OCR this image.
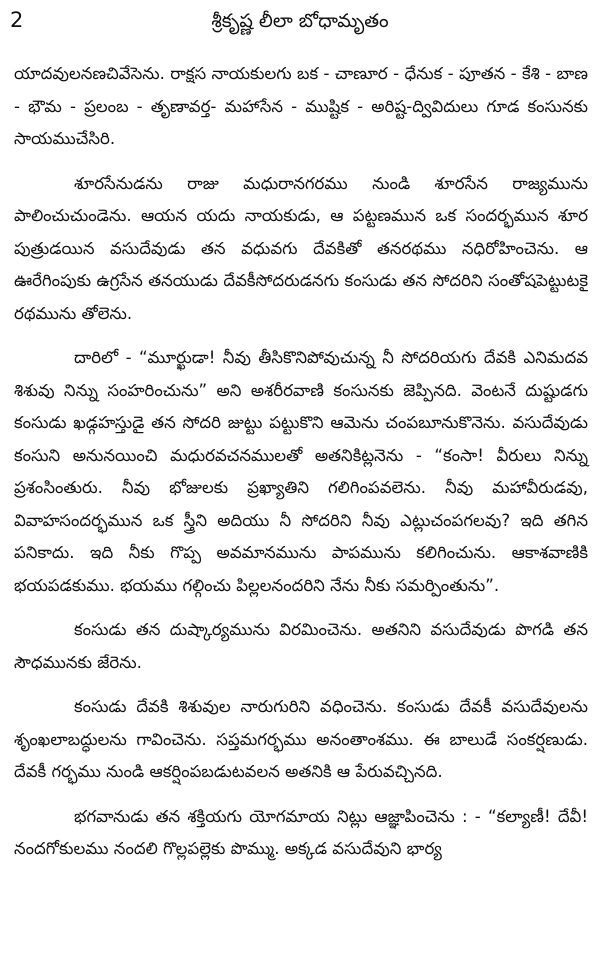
2	శ్రీకృష్ణ లీలా బోధామృతం

యాదవులనణచివేసెను. రాక్షస నాయకులగు బక - చాణూర - ధేనుక - పూతన - కేశి - బాణ - భౌమ - ప్రలంబ - తృణావర్త- మహాసేన - ముష్టిక - అరిష్ట-ద్వివిదులు గూడ కంసునకు సాయముచేసిరి.

శూరసేనుడను రాజు మధురానగరము నుండి శూరసేన రాజ్యమును పాలించుచుండెను. ఆయన యదు నాయకుడు, ఆ పట్టణమున ఒక సందర్భమున శూర పుత్రుడయిన వసుదేవుడు తన వధువగు దేవకితో తనరథము నధిరోహించెను. ఆ ఊరేగింపుకు ఉగ్రసేన తనయుడు దేవకీసోదరుడనగు కంసుడు తన సోదరిని సంతోషపెట్టుటకై రథమును తోలెను.

దారిలో - “మూర్ఖుడా! నీవు తీసికొనిపోవుచున్న నీ సోదరియగు దేవకి ఎనిమదవ శిశువు నిన్ను సంహరించును” అని అశరీరవాణి కంసునకు జెప్పినది. వెంటనే దుష్టుడగు కంసుడు ఖడ్గహస్తుడై తన సోదరి జుట్టు పట్టుకొని ఆమెను చంపబూనుకొనెను. వసుదేవుడు కంసుని అనునయించి మధురవచనములతో అతనికిట్లనెను - “కంసా! వీరులు నిన్ను ప్రశంసింతురు. నీవు భోజులకు ప్రఖ్యాతిని గలిగింపవలెను. నీవు మహావీరుడవు, వివాహసందర్భమున ఒక స్త్రీని అదియు నీ సోదరిని నీవు ఎట్లుచంపగలవు? ఇది తగిన పనికాదు. ఇది నీకు గొప్ప అవమానమును పాపమును కలిగించును. ఆకాశవాణికి భయపడకుము. భయము గల్గించు పిల్లలనందరిని నేను నీకు సమర్పింతును”.

కంసుడు తన దుష్కార్యమును విరమించెను. అతనిని వసుదేవుడు పొగడి తన సౌధమునకు జేరెను.

కంసుడు దేవకి శిశువుల నారుగురిని వధించెను. కంసుడు దేవకీ వసుదేవులను శృంఖలాబద్ధులను గావించెను. సప్తమగర్భము అనంతాంశము. ఈ బాలుడే సంకర్షణుడు. దేవకీ గర్భము నుండి ఆకర్షింపబడుటవలన అతనికి ఆ పేరువచ్చినది.

భగవానుడు తన శక్తియగు యోగమాయ నిట్లు ఆజ్ఞాపించెను : - “కల్యాణీ! దేవీ! నందగోకులము నందలి గొల్లపల్లెకు పొమ్ము. అక్కడ వసుదేవుని భార్య
